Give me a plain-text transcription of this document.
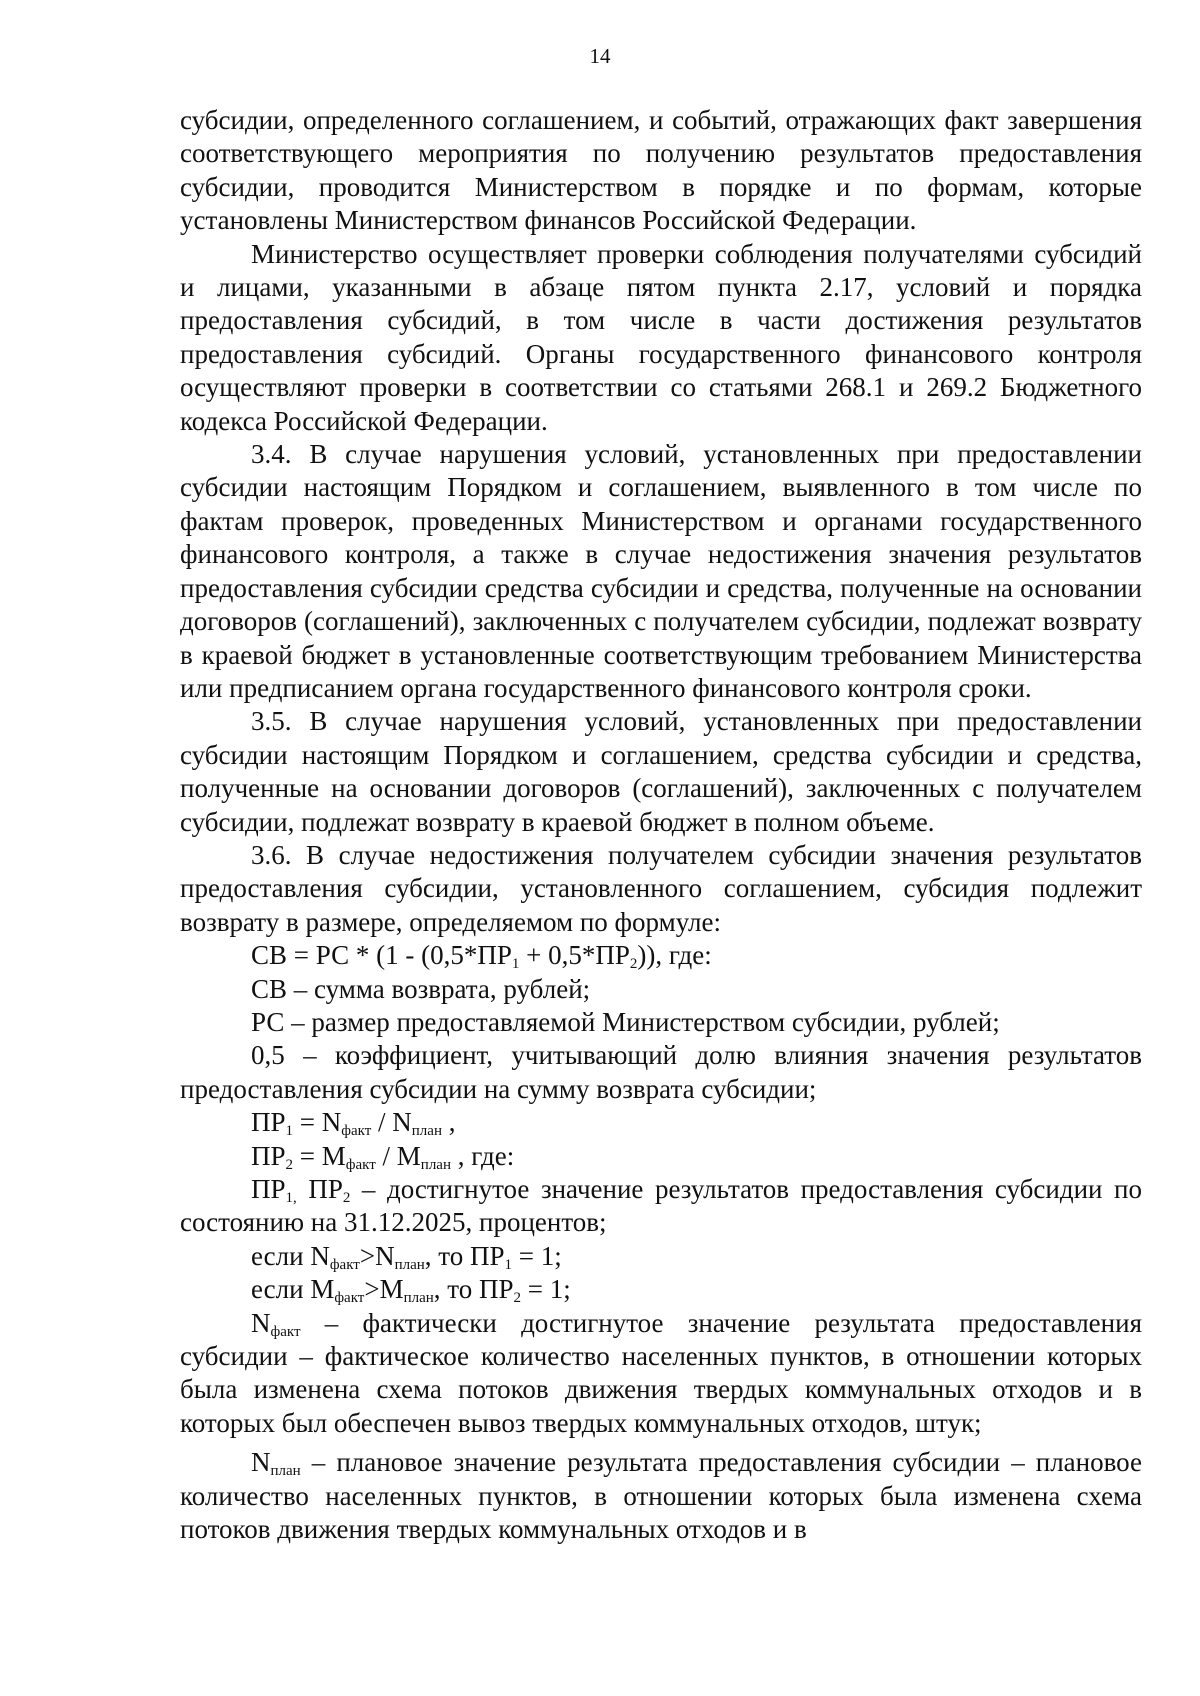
14

субсидии, определенного соглашением, и событий, отражающих факт завершения соответствующего мероприятия по получению результатов предоставления субсидии, проводится Министерством в порядке и по формам, которые установлены Министерством финансов Российской Федерации.

Министерство осуществляет проверки соблюдения получателями субсидий и лицами, указанными в абзаце пятом пункта 2.17, условий и порядка предоставления субсидий, в том числе в части достижения результатов предоставления субсидий. Органы государственного финансового контроля осуществляют проверки в соответствии со статьями 268.1 и 269.2 Бюджетного кодекса Российской Федерации.

3.4. В случае нарушения условий, установленных при предоставлении субсидии настоящим Порядком и соглашением, выявленного в том числе по фактам проверок, проведенных Министерством и органами государственного финансового контроля, а также в случае недостижения значения результатов предоставления субсидии средства субсидии и средства, полученные на основании договоров (соглашений), заключенных с получателем субсидии, подлежат возврату в краевой бюджет в установленные соответствующим требованием Министерства или предписанием органа государственного финансового контроля сроки.

3.5. В случае нарушения условий, установленных при предоставлении субсидии настоящим Порядком и соглашением, средства субсидии и средства, полученные на основании договоров (соглашений), заключенных с получателем субсидии, подлежат возврату в краевой бюджет в полном объеме.

3.6. В случае недостижения получателем субсидии значения результатов предоставления субсидии, установленного соглашением, субсидия подлежит возврату в размере, определяемом по формуле:

СВ = РС * $(1 - (0,5*ПР_1 + 0,5*ПР_2))$, где:

СВ – сумма возврата, рублей;

РС – размер предоставляемой Министерством субсидии, рублей;

0,5 – коэффициент, учитывающий долю влияния значения результатов предоставления субсидии на сумму возврата субсидии;

$ПР_1 = N_{факт} / N_{план}$ ,

$ПР_2 = M_{факт} / M_{план}$ , где:

$ПР_{1,}$ $ПР_2$ – достигнутое значение результатов предоставления субсидии по состоянию на 31.12.2025, процентов;

если $N_{факт}>N_{план}$, то $ПР_1 = 1$;

если $M_{факт}>M_{план}$, то $ПР_2 = 1$;

$N_{факт}$ – фактически достигнутое значение результата предоставления субсидии – фактическое количество населенных пунктов, в отношении которых была изменена схема потоков движения твердых коммунальных отходов и в которых был обеспечен вывоз твердых коммунальных отходов, штук;

$N_{план}$ – плановое значение результата предоставления субсидии – плановое количество населенных пунктов, в отношении которых была изменена схема потоков движения твердых коммунальных отходов и в
